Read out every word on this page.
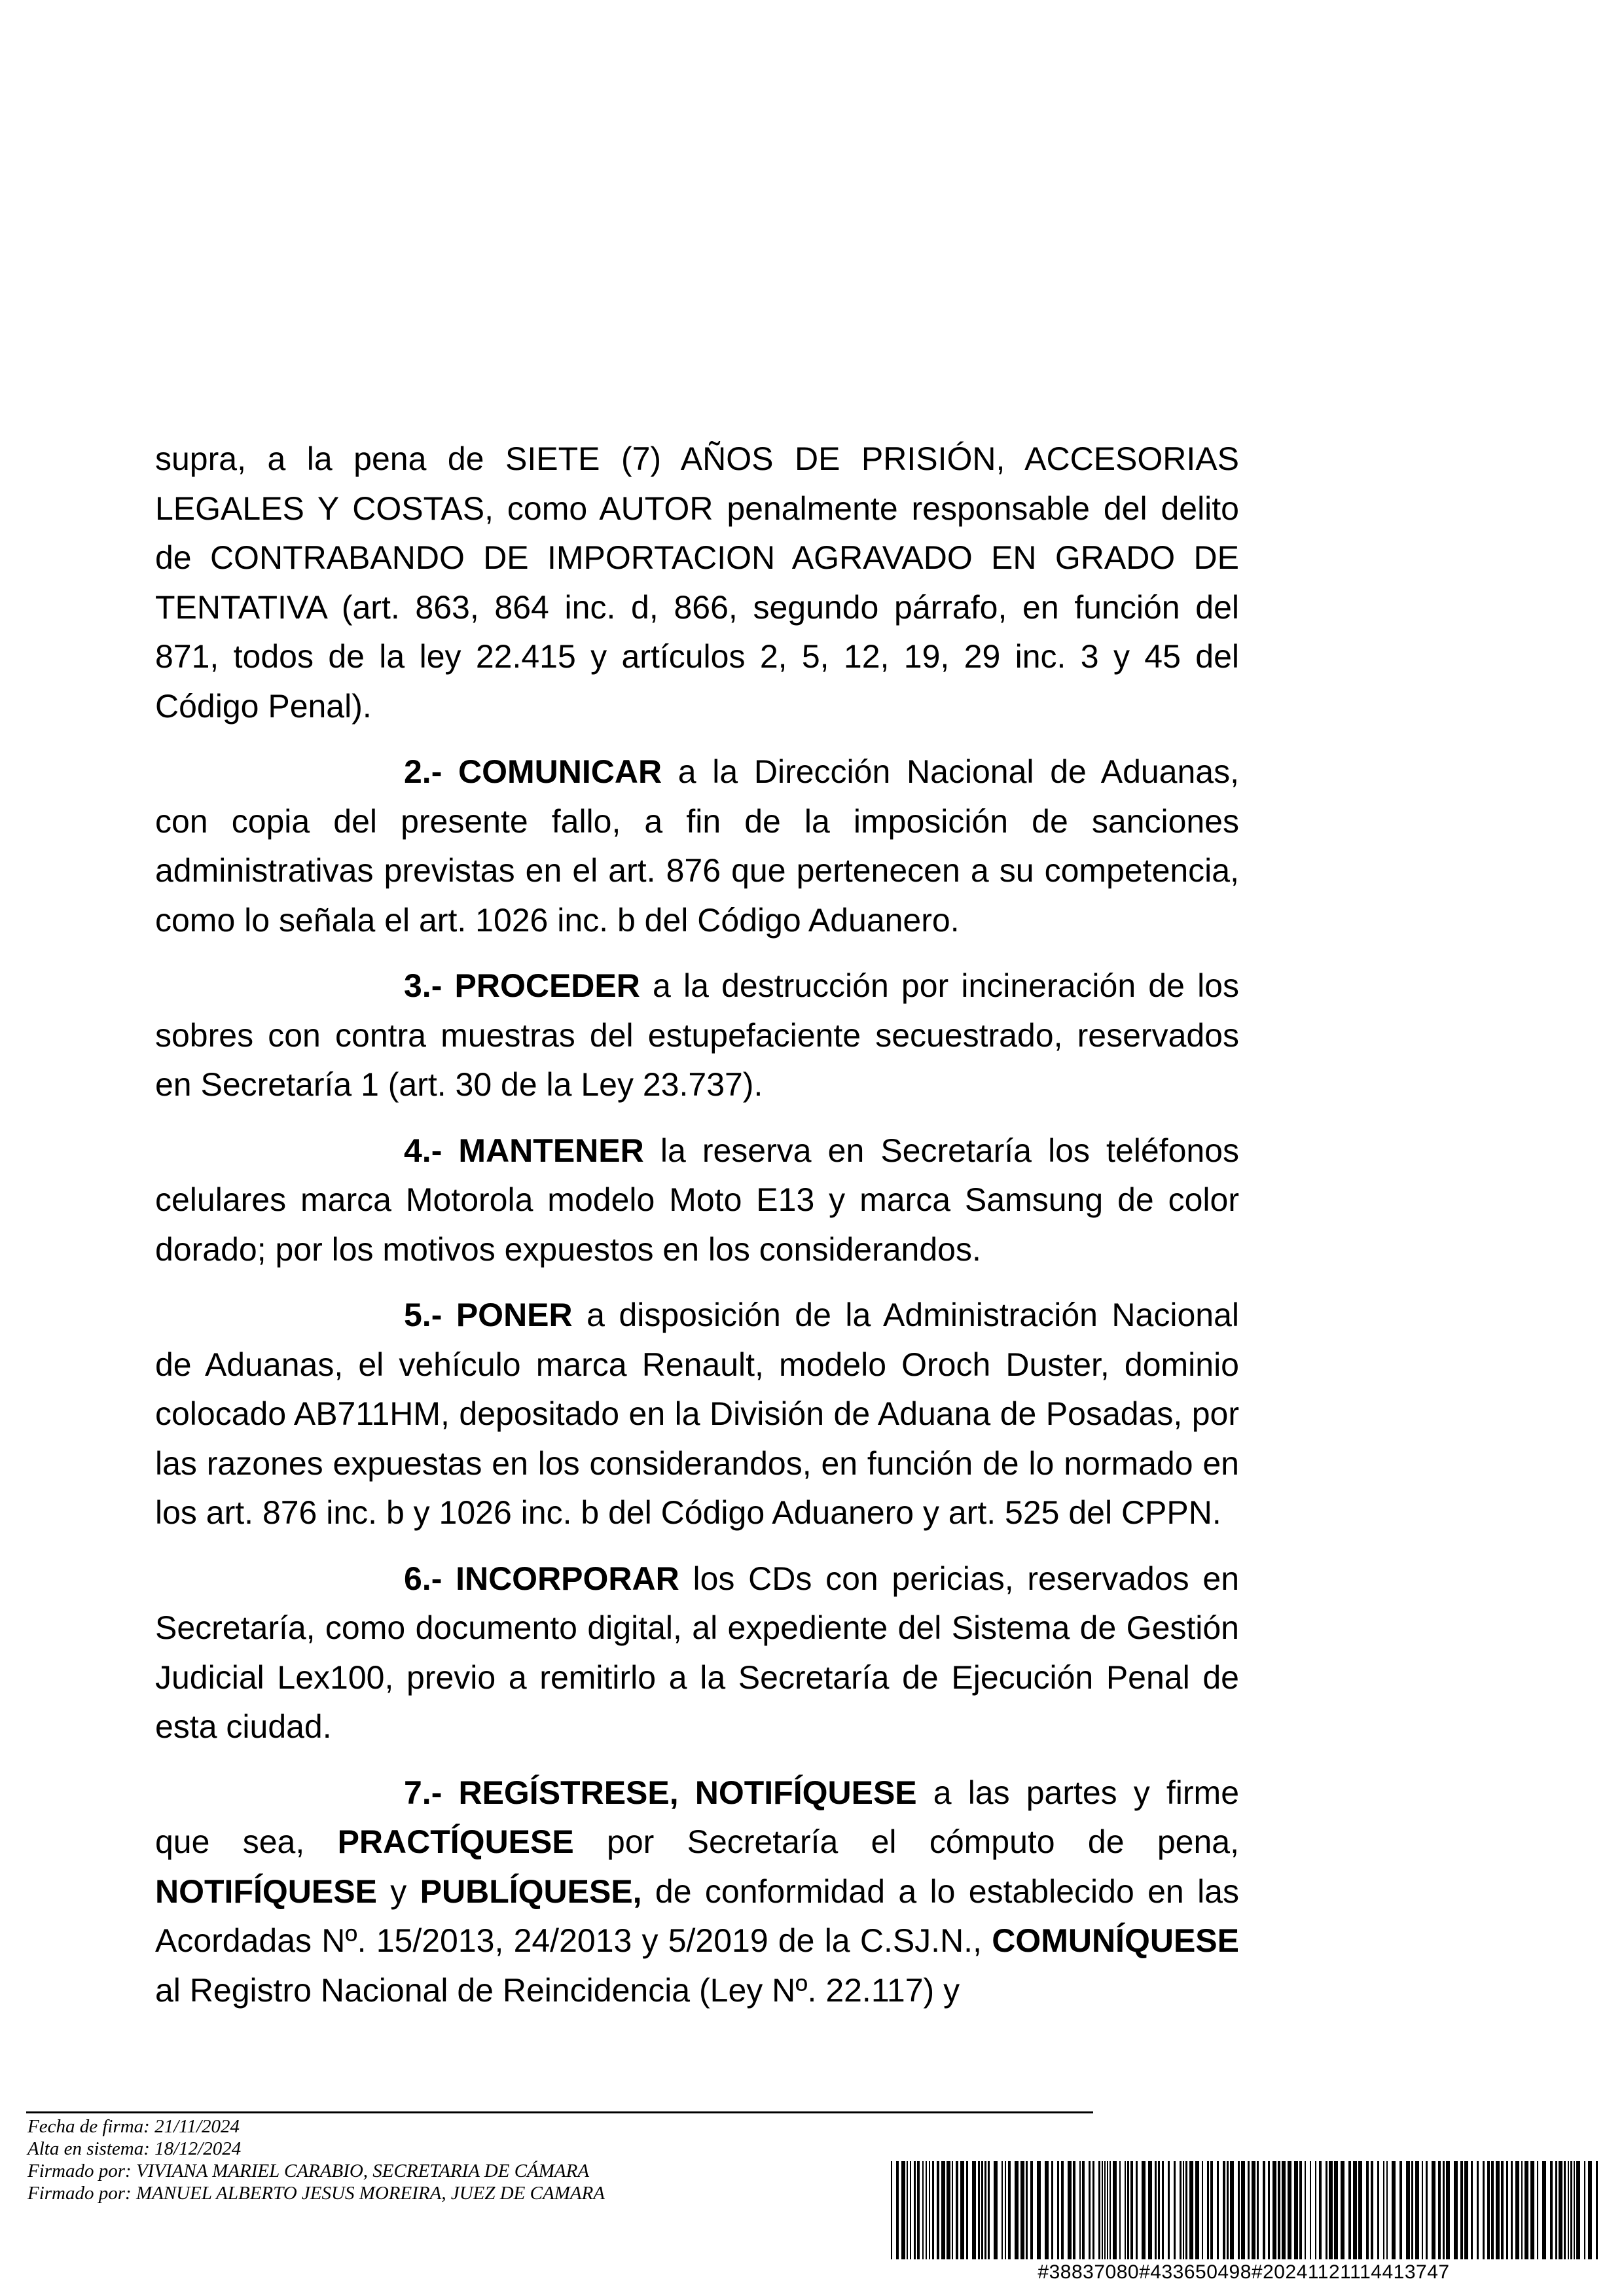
supra, a la pena de SIETE (7) AÑOS DE PRISIÓN, ACCESORIAS LEGALES Y COSTAS, como AUTOR penalmente responsable del delito de CONTRABANDO DE IMPORTACION AGRAVADO EN GRADO DE TENTATIVA (art. 863, 864 inc. d, 866, segundo párrafo, en función del 871, todos de la ley 22.415 y artículos 2, 5, 12, 19, 29 inc. 3 y 45 del Código Penal).

2.- COMUNICAR a la Dirección Nacional de Aduanas, con copia del presente fallo, a fin de la imposición de sanciones administrativas previstas en el art. 876 que pertenecen a su competencia, como lo señala el art. 1026 inc. b del Código Aduanero.

3.- PROCEDER a la destrucción por incineración de los sobres con contra muestras del estupefaciente secuestrado, reservados en Secretaría 1 (art. 30 de la Ley 23.737).

4.- MANTENER la reserva en Secretaría los teléfonos celulares marca Motorola modelo Moto E13 y marca Samsung de color dorado; por los motivos expuestos en los considerandos.

5.- PONER a disposición de la Administración Nacional de Aduanas, el vehículo marca Renault, modelo Oroch Duster, dominio colocado AB711HM, depositado en la División de Aduana de Posadas, por las razones expuestas en los considerandos, en función de lo normado en los art. 876 inc. b y 1026 inc. b del Código Aduanero y art. 525 del CPPN.

6.- INCORPORAR los CDs con pericias, reservados en Secretaría, como documento digital, al expediente del Sistema de Gestión Judicial Lex100, previo a remitirlo a la Secretaría de Ejecución Penal de esta ciudad.

7.- REGÍSTRESE, NOTIFÍQUESE a las partes y firme que sea, PRACTÍQUESE por Secretaría el cómputo de pena, NOTIFÍQUESE y PUBLÍQUESE, de conformidad a lo establecido en las Acordadas Nº. 15/2013, 24/2013 y 5/2019 de la C.SJ.N., COMUNÍQUESE al Registro Nacional de Reincidencia (Ley Nº. 22.117) y

Fecha de firma: 21/11/2024
Alta en sistema: 18/12/2024
Firmado por: VIVIANA MARIEL CARABIO, SECRETARIA DE CÁMARA
Firmado por: MANUEL ALBERTO JESUS MOREIRA, JUEZ DE CAMARA
#38837080#433650498#20241121114413747
